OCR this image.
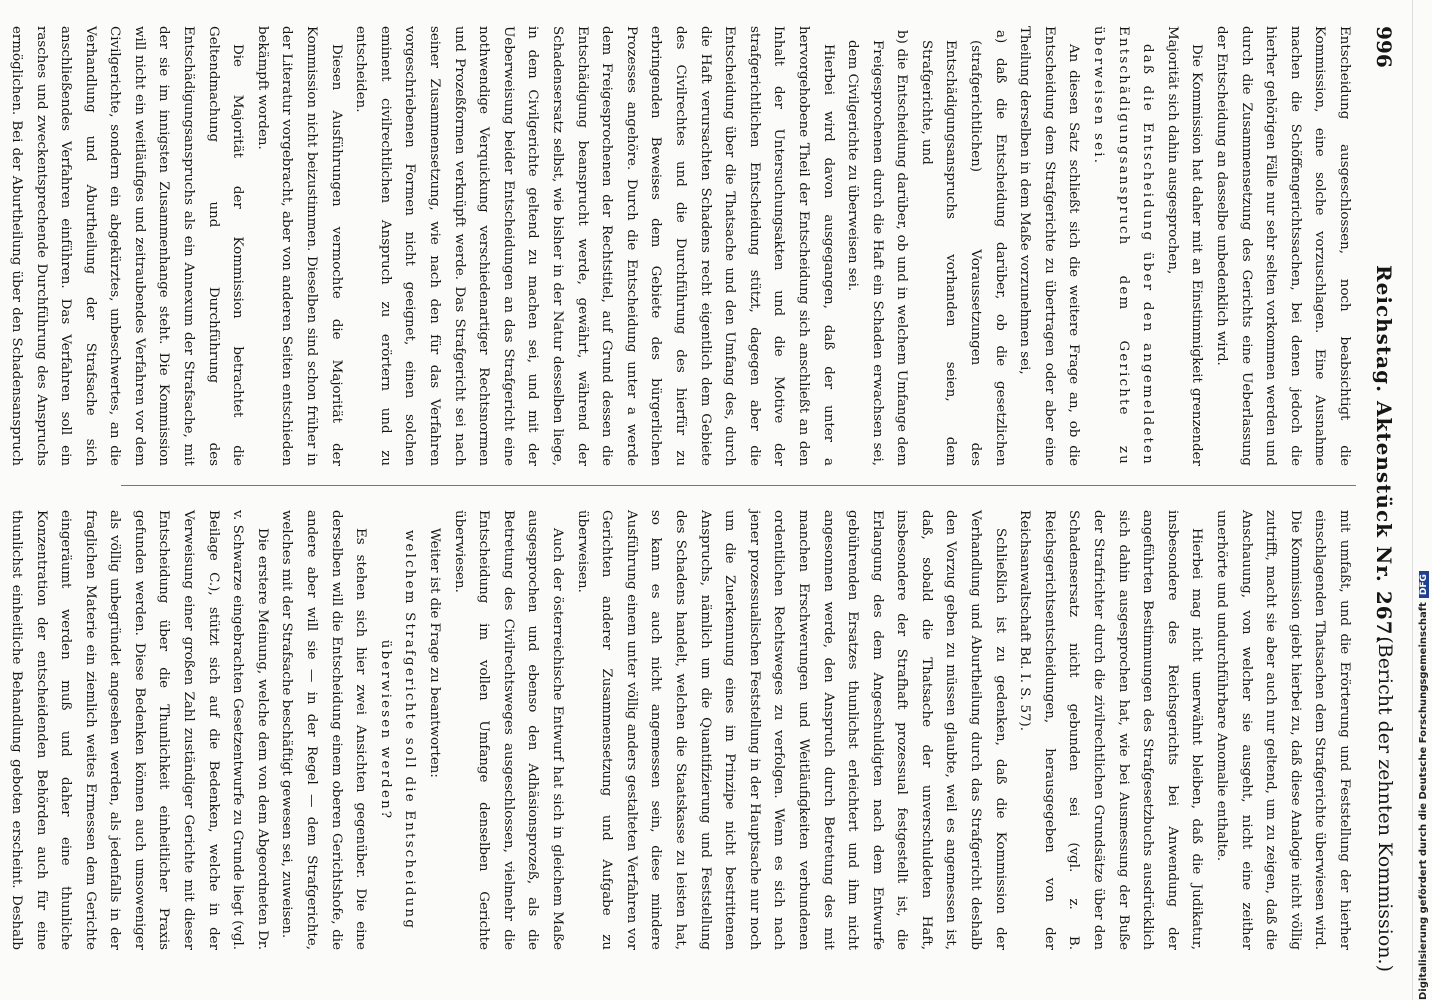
996
Reichstag. Aktenstück Nr. 267.
(Bericht der zehnten Kommission.)

Entscheidung ausgeschlossen, noch beabsichtigt die Kommission, eine solche vorzuschlagen. Eine Ausnahme machen die Schöffengerichtssachen, bei denen jedoch die hierher gehörigen Fälle nur sehr selten vorkommen werden und durch die Zusammensetzung des Gerichts eine Ueberlassung der Entscheidung an dasselbe unbedenklich wird.

Die Kommission hat daher mit an Einstimmigkeit grenzender Majorität sich dahin ausgesprochen,

daß die Entscheidung über den angemeldeten Entschädigungsanspruch dem Gerichte zu überweisen sei.

An diesen Satz schließt sich die weitere Frage an, ob die Entscheidung dem Strafgerichte zu übertragen oder aber eine Theilung derselben in dem Maße vorzunehmen sei,

a) daß die Entscheidung darüber, ob die gesetzlichen (strafgerichtlichen) Voraussetzungen des Entschädigungsanspruchs vorhanden seien, dem Strafgerichte, und

b) die Entscheidung darüber, ob und in welchem Umfange dem Freigesprochenen durch die Haft ein Schaden erwachsen sei, dem Civilgerichte zu überweisen sei.

Hierbei wird davon ausgegangen, daß der unter a hervorgehobene Theil der Entscheidung sich anschließt an den Inhalt der Untersuchungsakten und die Motive der strafgerichtlichen Entscheidung stützt, dagegen aber die Entscheidung über die Thatsache und den Umfang des, durch die Haft verursachten Schadens recht eigentlich dem Gebiete des Civilrechtes und die Durchführung des hierfür zu erbringenden Beweises dem Gebiete des bürgerlichen Prozesses angehöre. Durch die Entscheidung unter a werde dem Freigesprochenen der Rechtstitel, auf Grund dessen die Entschädigung beansprucht werde, gewährt, während der Schadensersatz selbst, wie bisher in der Natur desselben liege, in dem Civilgerichte geltend zu machen sei, und mit der Ueberweisung beider Entscheidungen an das Strafgericht eine nothwendige Verquickung verschiedenartiger Rechtsnormen und Prozeßformen verknüpft werde. Das Strafgericht sei nach seiner Zusammensetzung, wie nach den für das Verfahren vorgeschriebenen Formen nicht geeignet, einen solchen eminent civilrechtlichen Anspruch zu erörtern und zu entscheiden.

Diesen Ausführungen vermochte die Majorität der Kommission nicht beizustimmen. Dieselben sind schon früher in der Literatur vorgebracht, aber von anderen Seiten entschieden bekämpft worden.

Die Majorität der Kommission betrachtet die Geltendmachung und Durchführung des Entschädigungsanspruchs als ein Annexum der Strafsache, mit der sie im innigsten Zusammenhange steht. Die Kommission will nicht ein weitläufiges und zeitraubendes Verfahren vor dem Civilgerichte, sondern ein abgekürztes, unbeschwertes, an die Verhandlung und Aburtheilung der Strafsache sich anschließendes Verfahren einführen. Das Verfahren soll ein rasches und zweckentsprechende Durchführung des Anspruchs ermöglichen. Bei der Aburtheilung über den Schadensanspruch

mit umfaßt, und die Erörterung und Feststellung der hierher einschlagenden Thatsachen dem Strafgerichte überwiesen wird. Die Kommission giebt hierbei zu, daß diese Analogie nicht völlig zutrifft, macht sie aber auch nur geltend, um zu zeigen, daß die Anschauung, von welcher sie ausgeht, nicht eine zeither unerhörte und undurchführbare Anomalie enthalte.

Hierbei mag nicht unerwähnt bleiben, daß die Judikatur, insbesondere des Reichsgerichts bei Anwendung der angeführten Bestimmungen des Strafgesetzbuchs ausdrücklich sich dahin ausgesprochen hat, wie bei Ausmessung der Buße der Strafrichter durch die zivilrechtlichen Grundsätze über den Schadensersatz nicht gebunden sei (vgl. z. B. Reichsgerichtsentscheidungen, herausgegeben von der Reichsanwaltschaft Bd. I. S. 57).

Schließlich ist zu gedenken, daß die Kommission der Verhandlung und Aburtheilung durch das Strafgericht deshalb den Vorzug geben zu müssen glaubte, weil es angemessen ist, daß, sobald die Thatsache der unverschuldeten Haft, insbesondere der Strafhaft prozessual festgestellt ist, die Erlangung des dem Angeschuldigten nach dem Entwurfe gebührenden Ersatzes thunlichst erleichtert und ihm nicht angesonnen werde, den Anspruch durch Betretung des mit manchen Erschwerungen und Weitläufigkeiten verbundenen ordentlichen Rechtsweges zu verfolgen. Wenn es sich nach jener prozessualischen Feststellung in der Hauptsache nur noch um die Zuerkennung eines im Prinzipe nicht bestrittenen Anspruchs, nämlich um die Quantifizierung und Feststellung des Schadens handelt, welchen die Staatskasse zu leisten hat, so kann es auch nicht angemessen sein, diese mindere Ausführung einem unter völlig anders gestalteten Verfahren vor Gerichten anderer Zusammensetzung und Aufgabe zu überweisen.

Auch der österreichische Entwurf hat sich in gleichem Maße ausgesprochen und ebenso den Adhäsionsprozeß, als die Betretung des Civilrechtsweges ausgeschlossen, vielmehr die Entscheidung im vollen Umfange denselben Gerichte überwiesen.

Weiter ist die Frage zu beantworten:

welchem Strafgerichte soll die Entscheidung überwiesen werden?

Es stehen sich hier zwei Ansichten gegenüber. Die eine derselben will die Entscheidung einem oberen Gerichtshofe, die andere aber will sie — in der Regel — dem Strafgerichte, welches mit der Strafsache beschäftigt gewesen sei, zuweisen.

Die erstere Meinung, welche dem von dem Abgeordneten Dr. v. Schwarze eingebrachten Gesetzentwurfe zu Grunde liegt (vgl. Beilage C.), stützt sich auf die Bedenken, welche in der Verweisung einer großen Zahl zuständiger Gerichte mit dieser Entscheidung über die Thunlichkeit einheitlicher Praxis gefunden werden. Diese Bedenken können auch umsoweniger als völlig unbegründet angesehen werden, als jedenfalls in der fraglichen Materie ein ziemlich weites Ermessen dem Gerichte eingeräumt werden muß und daher eine thunliche Konzentration der entscheidenden Behörden auch für eine thunlichst einheitliche Behandlung geboten erscheint. Deshalb	Digitalisierung gefördert durch die Deutsche ForschungsgemeinschaftDFG
